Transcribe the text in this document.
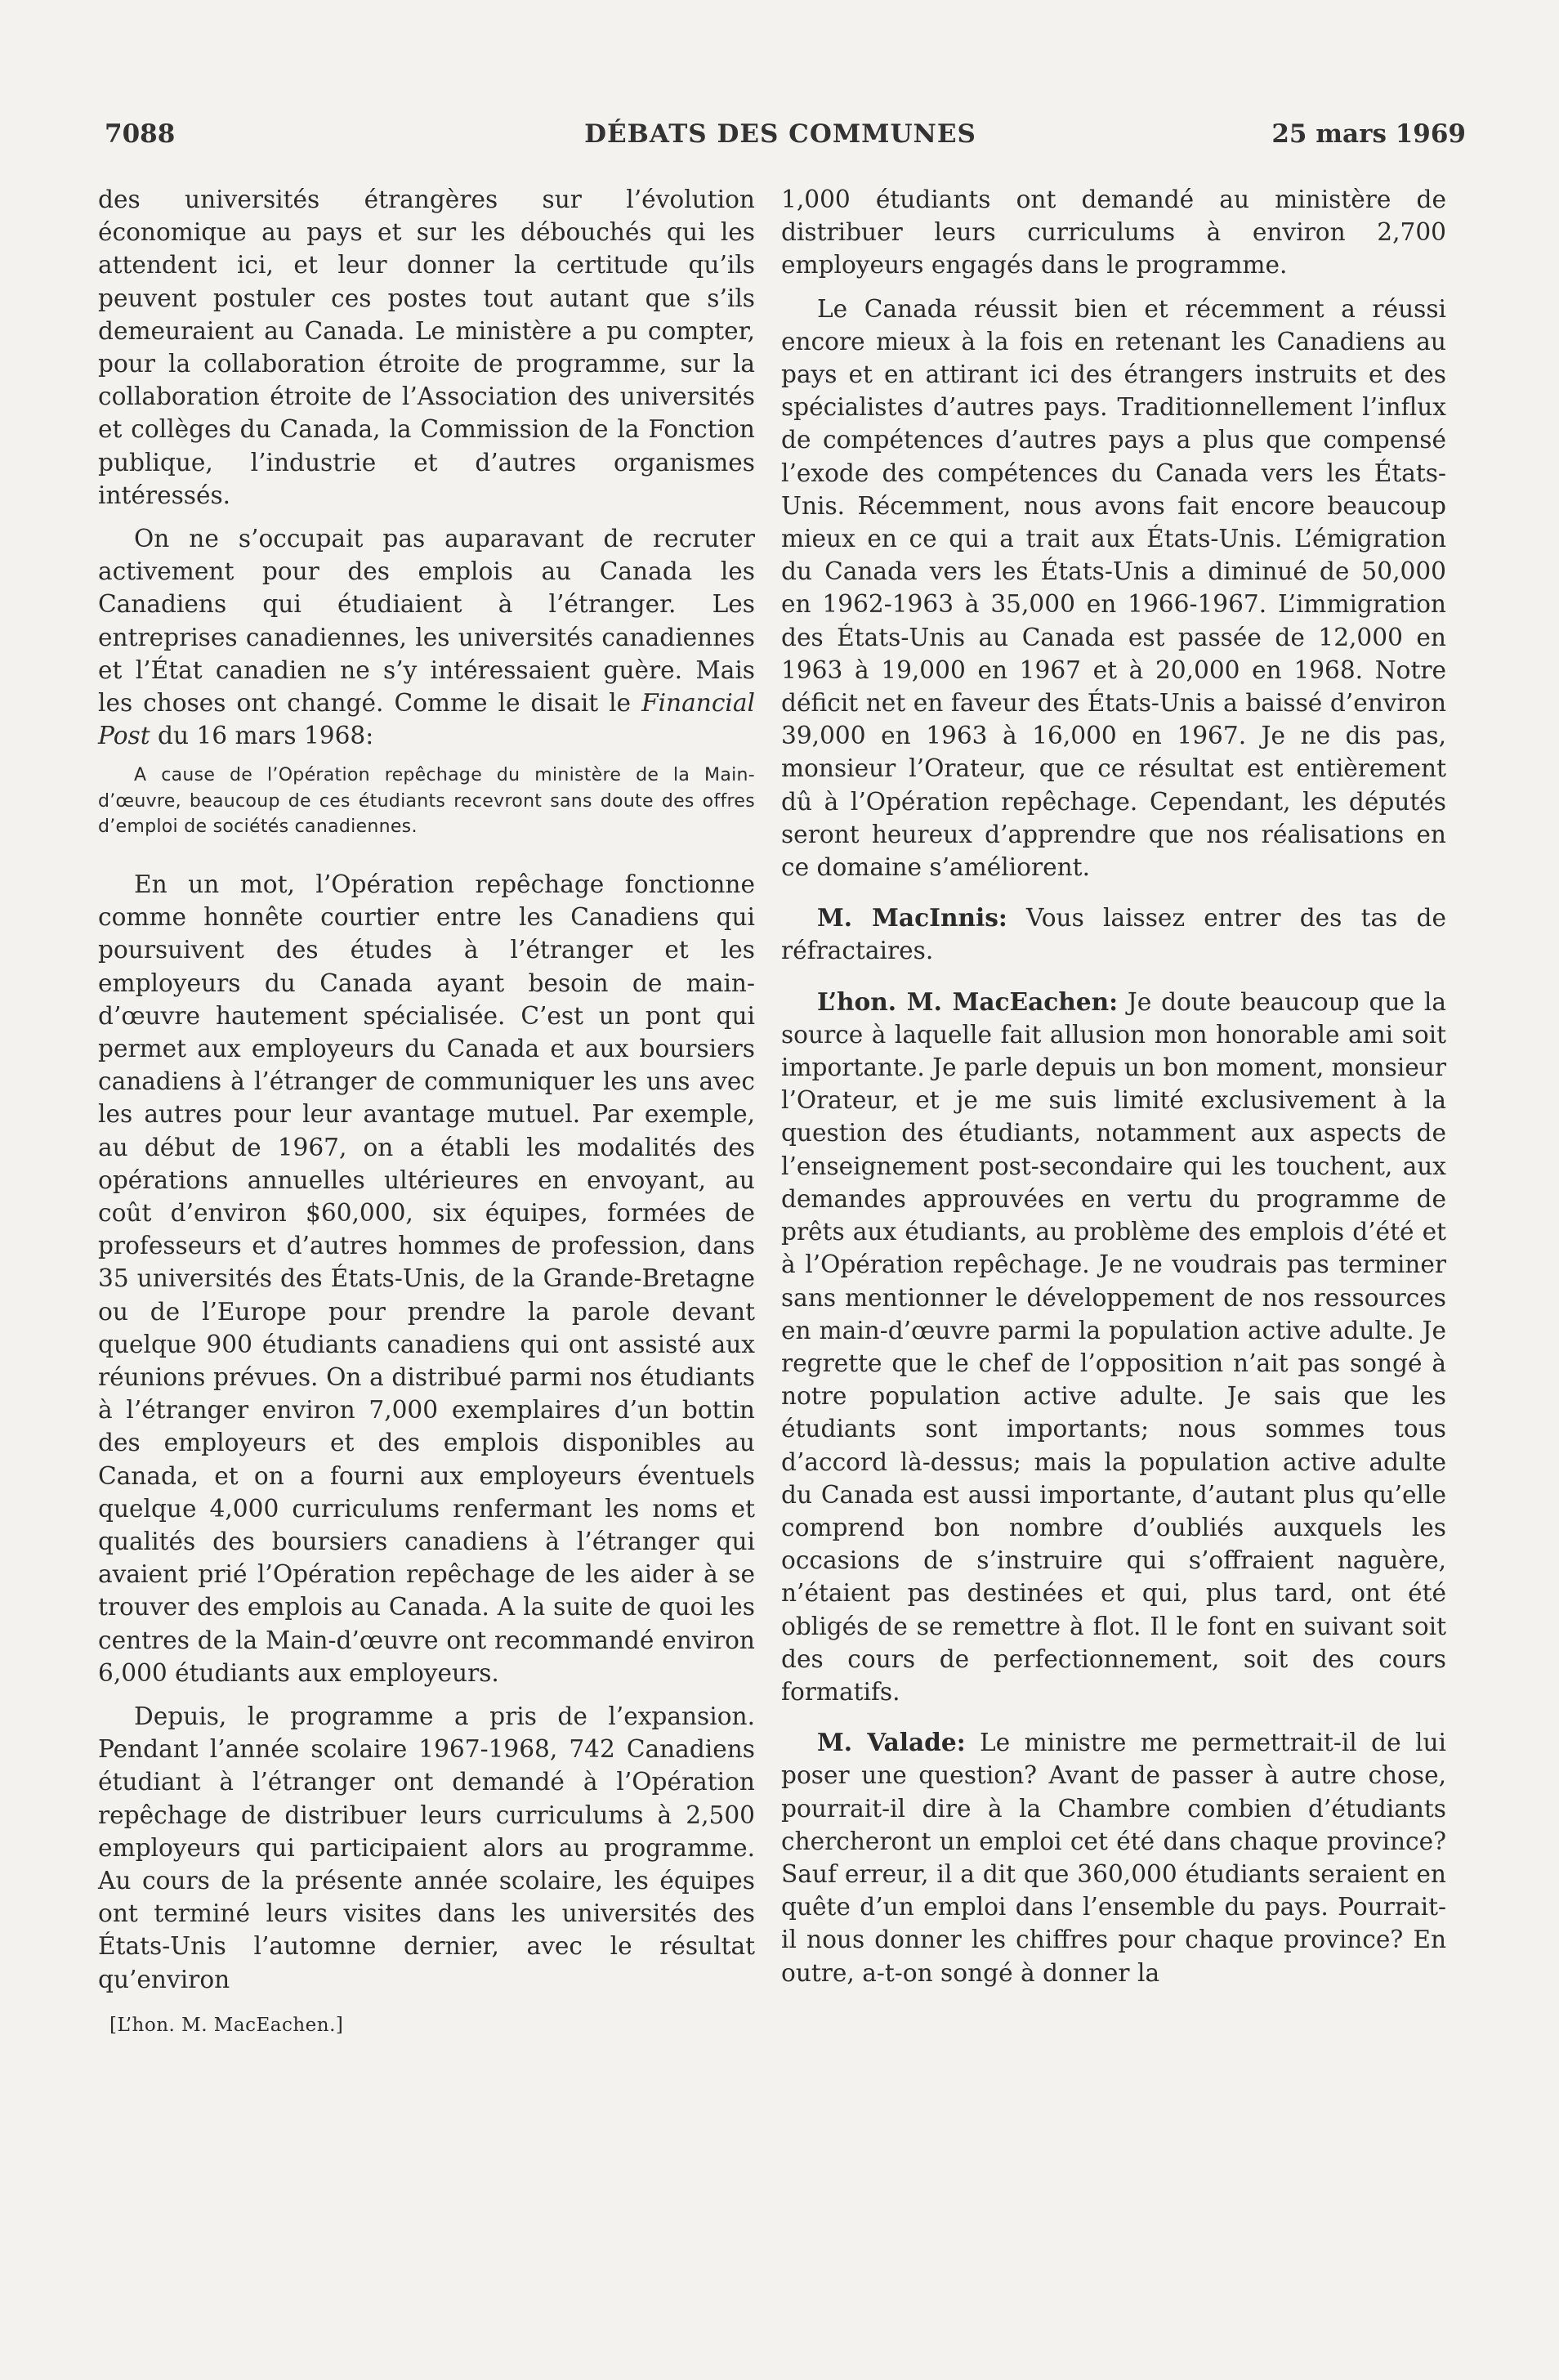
7088	DÉBATS DES COMMUNES	25 mars 1969

des universités étrangères sur l’évolution économique au pays et sur les débouchés qui les attendent ici, et leur donner la certitude qu’ils peuvent postuler ces postes tout autant que s’ils demeuraient au Canada. Le ministère a pu compter, pour la collaboration étroite de programme, sur la collaboration étroite de l’Association des universités et collèges du Canada, la Commission de la Fonction publique, l’industrie et d’autres organismes intéressés.

On ne s’occupait pas auparavant de recruter activement pour des emplois au Canada les Canadiens qui étudiaient à l’étranger. Les entreprises canadiennes, les universités canadiennes et l’État canadien ne s’y intéressaient guère. Mais les choses ont changé. Comme le disait le Financial Post du 16 mars 1968:

A cause de l’Opération repêchage du ministère de la Main-d’œuvre, beaucoup de ces étudiants recevront sans doute des offres d’emploi de sociétés canadiennes.

En un mot, l’Opération repêchage fonctionne comme honnête courtier entre les Canadiens qui poursuivent des études à l’étranger et les employeurs du Canada ayant besoin de main-d’œuvre hautement spécialisée. C’est un pont qui permet aux employeurs du Canada et aux boursiers canadiens à l’étranger de communiquer les uns avec les autres pour leur avantage mutuel. Par exemple, au début de 1967, on a établi les modalités des opérations annuelles ultérieures en envoyant, au coût d’environ $60,000, six équipes, formées de professeurs et d’autres hommes de profession, dans 35 universités des États-Unis, de la Grande-Bretagne ou de l’Europe pour prendre la parole devant quelque 900 étudiants canadiens qui ont assisté aux réunions prévues. On a distribué parmi nos étudiants à l’étranger environ 7,000 exemplaires d’un bottin des employeurs et des emplois disponibles au Canada, et on a fourni aux employeurs éventuels quelque 4,000 curriculums renfermant les noms et qualités des boursiers canadiens à l’étranger qui avaient prié l’Opération repêchage de les aider à se trouver des emplois au Canada. A la suite de quoi les centres de la Main-d’œuvre ont recommandé environ 6,000 étudiants aux employeurs.

Depuis, le programme a pris de l’expansion. Pendant l’année scolaire 1967-1968, 742 Canadiens étudiant à l’étranger ont demandé à l’Opération repêchage de distribuer leurs curriculums à 2,500 employeurs qui participaient alors au programme. Au cours de la présente année scolaire, les équipes ont terminé leurs visites dans les universités des États-Unis l’automne dernier, avec le résultat qu’environ

[L’hon. M. MacEachen.]

1,000 étudiants ont demandé au ministère de distribuer leurs curriculums à environ 2,700 employeurs engagés dans le programme.

Le Canada réussit bien et récemment a réussi encore mieux à la fois en retenant les Canadiens au pays et en attirant ici des étrangers instruits et des spécialistes d’autres pays. Traditionnellement l’influx de compétences d’autres pays a plus que compensé l’exode des compétences du Canada vers les États-Unis. Récemment, nous avons fait encore beaucoup mieux en ce qui a trait aux États-Unis. L’émigration du Canada vers les États-Unis a diminué de 50,000 en 1962-1963 à 35,000 en 1966-1967. L’immigration des États-Unis au Canada est passée de 12,000 en 1963 à 19,000 en 1967 et à 20,000 en 1968. Notre déficit net en faveur des États-Unis a baissé d’environ 39,000 en 1963 à 16,000 en 1967. Je ne dis pas, monsieur l’Orateur, que ce résultat est entièrement dû à l’Opération repêchage. Cependant, les députés seront heureux d’apprendre que nos réalisations en ce domaine s’améliorent.

M. MacInnis: Vous laissez entrer des tas de réfractaires.

L’hon. M. MacEachen: Je doute beaucoup que la source à laquelle fait allusion mon honorable ami soit importante. Je parle depuis un bon moment, monsieur l’Orateur, et je me suis limité exclusivement à la question des étudiants, notamment aux aspects de l’enseignement post-secondaire qui les touchent, aux demandes approuvées en vertu du programme de prêts aux étudiants, au problème des emplois d’été et à l’Opération repêchage. Je ne voudrais pas terminer sans mentionner le développement de nos ressources en main-d’œuvre parmi la population active adulte. Je regrette que le chef de l’opposition n’ait pas songé à notre population active adulte. Je sais que les étudiants sont importants; nous sommes tous d’accord là-dessus; mais la population active adulte du Canada est aussi importante, d’autant plus qu’elle comprend bon nombre d’oubliés auxquels les occasions de s’instruire qui s’offraient naguère, n’étaient pas destinées et qui, plus tard, ont été obligés de se remettre à flot. Il le font en suivant soit des cours de perfectionnement, soit des cours formatifs.

M. Valade: Le ministre me permettrait-il de lui poser une question? Avant de passer à autre chose, pourrait-il dire à la Chambre combien d’étudiants chercheront un emploi cet été dans chaque province? Sauf erreur, il a dit que 360,000 étudiants seraient en quête d’un emploi dans l’ensemble du pays. Pourrait-il nous donner les chiffres pour chaque province? En outre, a-t-on songé à donner la
